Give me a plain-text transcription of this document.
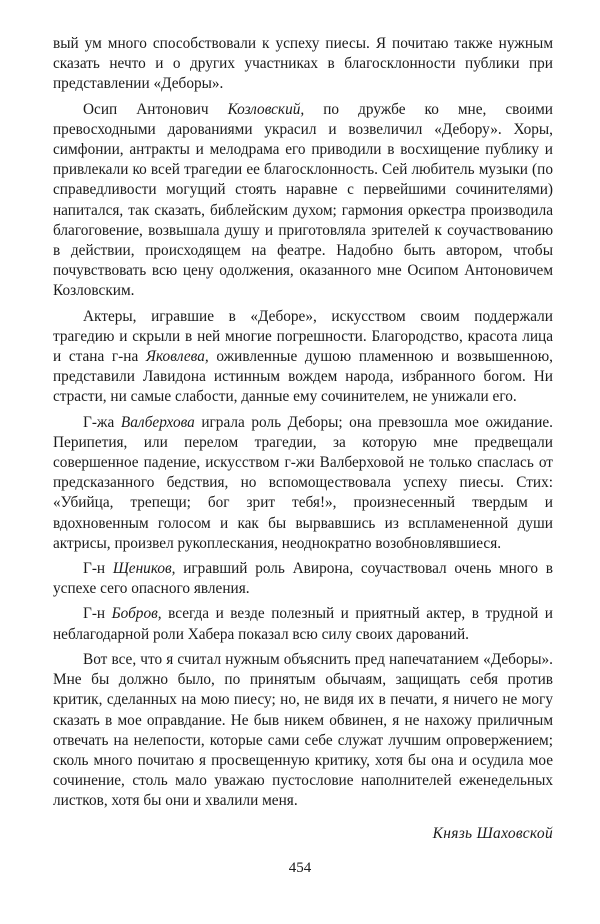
вый ум много способствовали к успеху пиесы. Я почитаю также нужным сказать нечто и о других участниках в благосклонности публики при представлении «Деборы».

Осип Антонович Козловский, по дружбе ко мне, своими превосходными дарованиями украсил и возвеличил «Дебору». Хоры, симфонии, антракты и мелодрама его приводили в восхищение публику и привлекали ко всей трагедии ее благосклонность. Сей любитель музыки (по справедливости могущий стоять наравне с первейшими сочинителями) напитался, так сказать, библейским духом; гармония оркестра производила благоговение, возвышала душу и приготовляла зрителей к соучаствованию в действии, происходящем на феатре. Надобно быть автором, чтобы почувствовать всю цену одолжения, оказанного мне Осипом Антоновичем Козловским.

Актеры, игравшие в «Деборе», искусством своим поддержали трагедию и скрыли в ней многие погрешности. Благородство, красота лица и стана г-на Яковлева, оживленные душою пламенною и возвышенною, представили Лавидона истинным вождем народа, избранного богом. Ни страсти, ни самые слабости, данные ему сочинителем, не унижали его.

Г-жа Валберхова играла роль Деборы; она превзошла мое ожидание. Перипетия, или перелом трагедии, за которую мне предвещали совершенное падение, искусством г-жи Валберховой не только спаслась от предсказанного бедствия, но вспомоществовала успеху пиесы. Стих: «Убийца, трепещи; бог зрит тебя!», произнесенный твердым и вдохновенным голосом и как бы вырвавшись из вспламененной души актрисы, произвел рукоплескания, неоднократно возобновлявшиеся.

Г-н Щеников, игравший роль Авирона, соучаствовал очень много в успехе сего опасного явления.

Г-н Бобров, всегда и везде полезный и приятный актер, в трудной и неблагодарной роли Хабера показал всю силу своих дарований.

Вот все, что я считал нужным объяснить пред напечатанием «Деборы». Мне бы должно было, по принятым обычаям, защищать себя против критик, сделанных на мою пиесу; но, не видя их в печати, я ничего не могу сказать в мое оправдание. Не быв никем обвинен, я не нахожу приличным отвечать на нелепости, которые сами себе служат лучшим опровержением; сколь много почитаю я просвещенную критику, хотя бы она и осудила мое сочинение, столь мало уважаю пустословие наполнителей еженедельных листков, хотя бы они и хвалили меня.

Князь Шаховской
454
